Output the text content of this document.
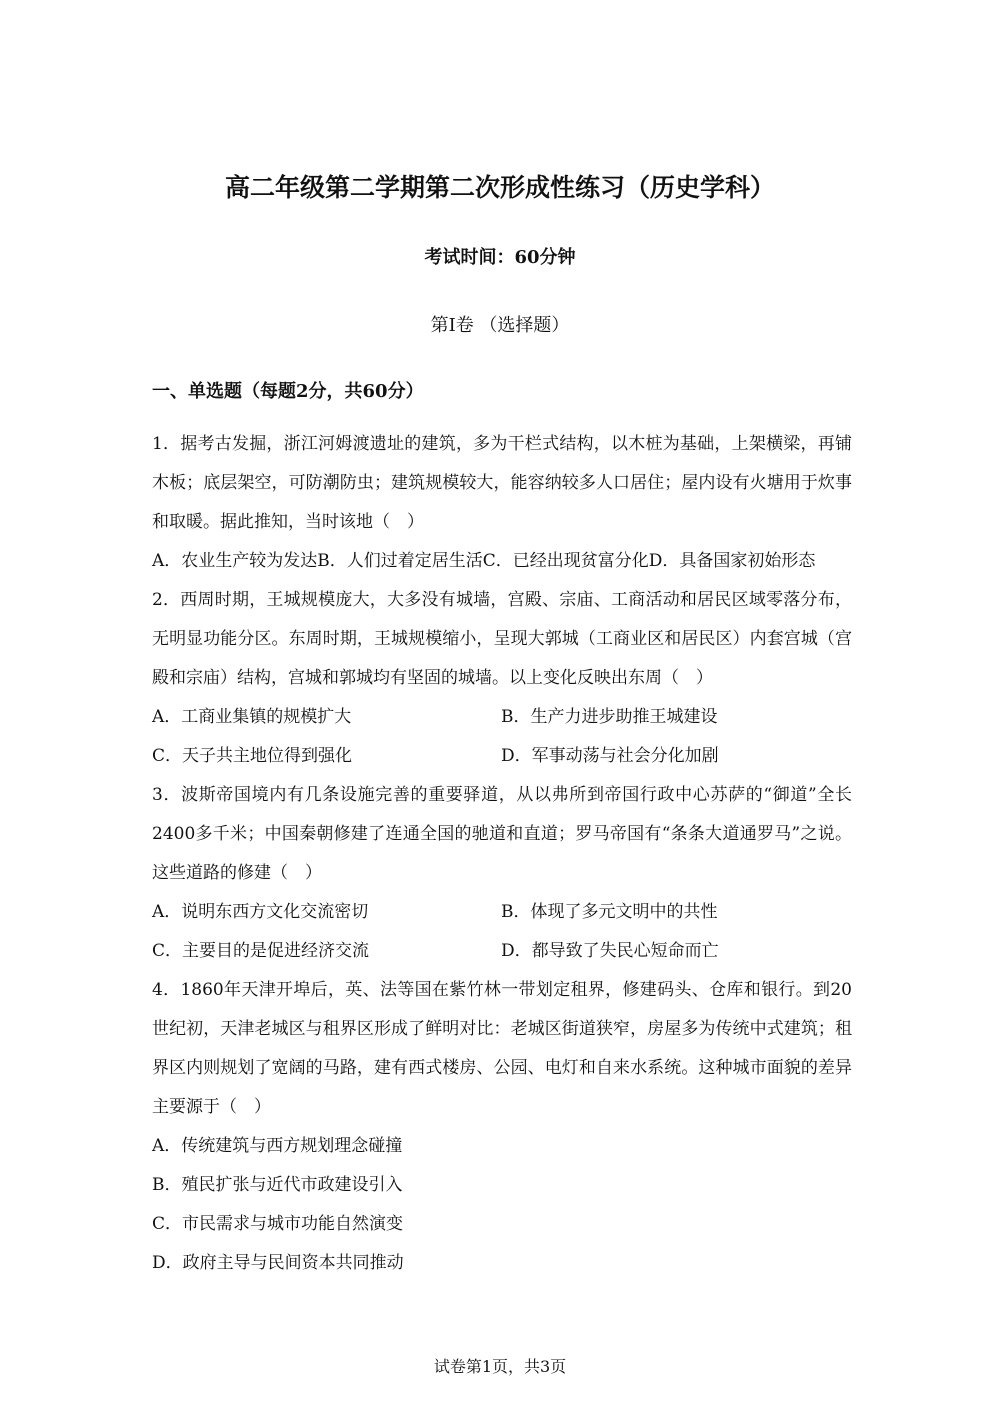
高二年级第二学期第二次形成性练习（历史学科）
考试时间：60分钟
第Ⅰ卷 （选择题）
一、单选题（每题2分，共60分）

1．据考古发掘，浙江河姆渡遗址的建筑，多为干栏式结构，以木桩为基础，上架横梁，再铺木板；底层架空，可防潮防虫；建筑规模较大，能容纳较多人口居住；屋内设有火塘用于炊事和取暖。据此推知，当时该地（　）

A．农业生产较为发达B．人们过着定居生活C．已经出现贫富分化D．具备国家初始形态

2．西周时期，王城规模庞大，大多没有城墙，宫殿、宗庙、工商活动和居民区域零落分布，无明显功能分区。东周时期，王城规模缩小，呈现大郭城（工商业区和居民区）内套宫城（宫殿和宗庙）结构，宫城和郭城均有坚固的城墙。以上变化反映出东周（　）

A．工商业集镇的规模扩大	B．生产力进步助推王城建设
C．天子共主地位得到强化	D．军事动荡与社会分化加剧

3．波斯帝国境内有几条设施完善的重要驿道，从以弗所到帝国行政中心苏萨的“御道”全长2400多千米；中国秦朝修建了连通全国的驰道和直道；罗马帝国有“条条大道通罗马”之说。这些道路的修建（　）

A．说明东西方文化交流密切	B．体现了多元文明中的共性
C．主要目的是促进经济交流	D．都导致了失民心短命而亡

4．1860年天津开埠后，英、法等国在紫竹林一带划定租界，修建码头、仓库和银行。到20世纪初，天津老城区与租界区形成了鲜明对比：老城区街道狭窄，房屋多为传统中式建筑；租界区内则规划了宽阔的马路，建有西式楼房、公园、电灯和自来水系统。这种城市面貌的差异主要源于（　）

A．传统建筑与西方规划理念碰撞

B．殖民扩张与近代市政建设引入

C．市民需求与城市功能自然演变

D．政府主导与民间资本共同推动

试卷第1页，共3页
